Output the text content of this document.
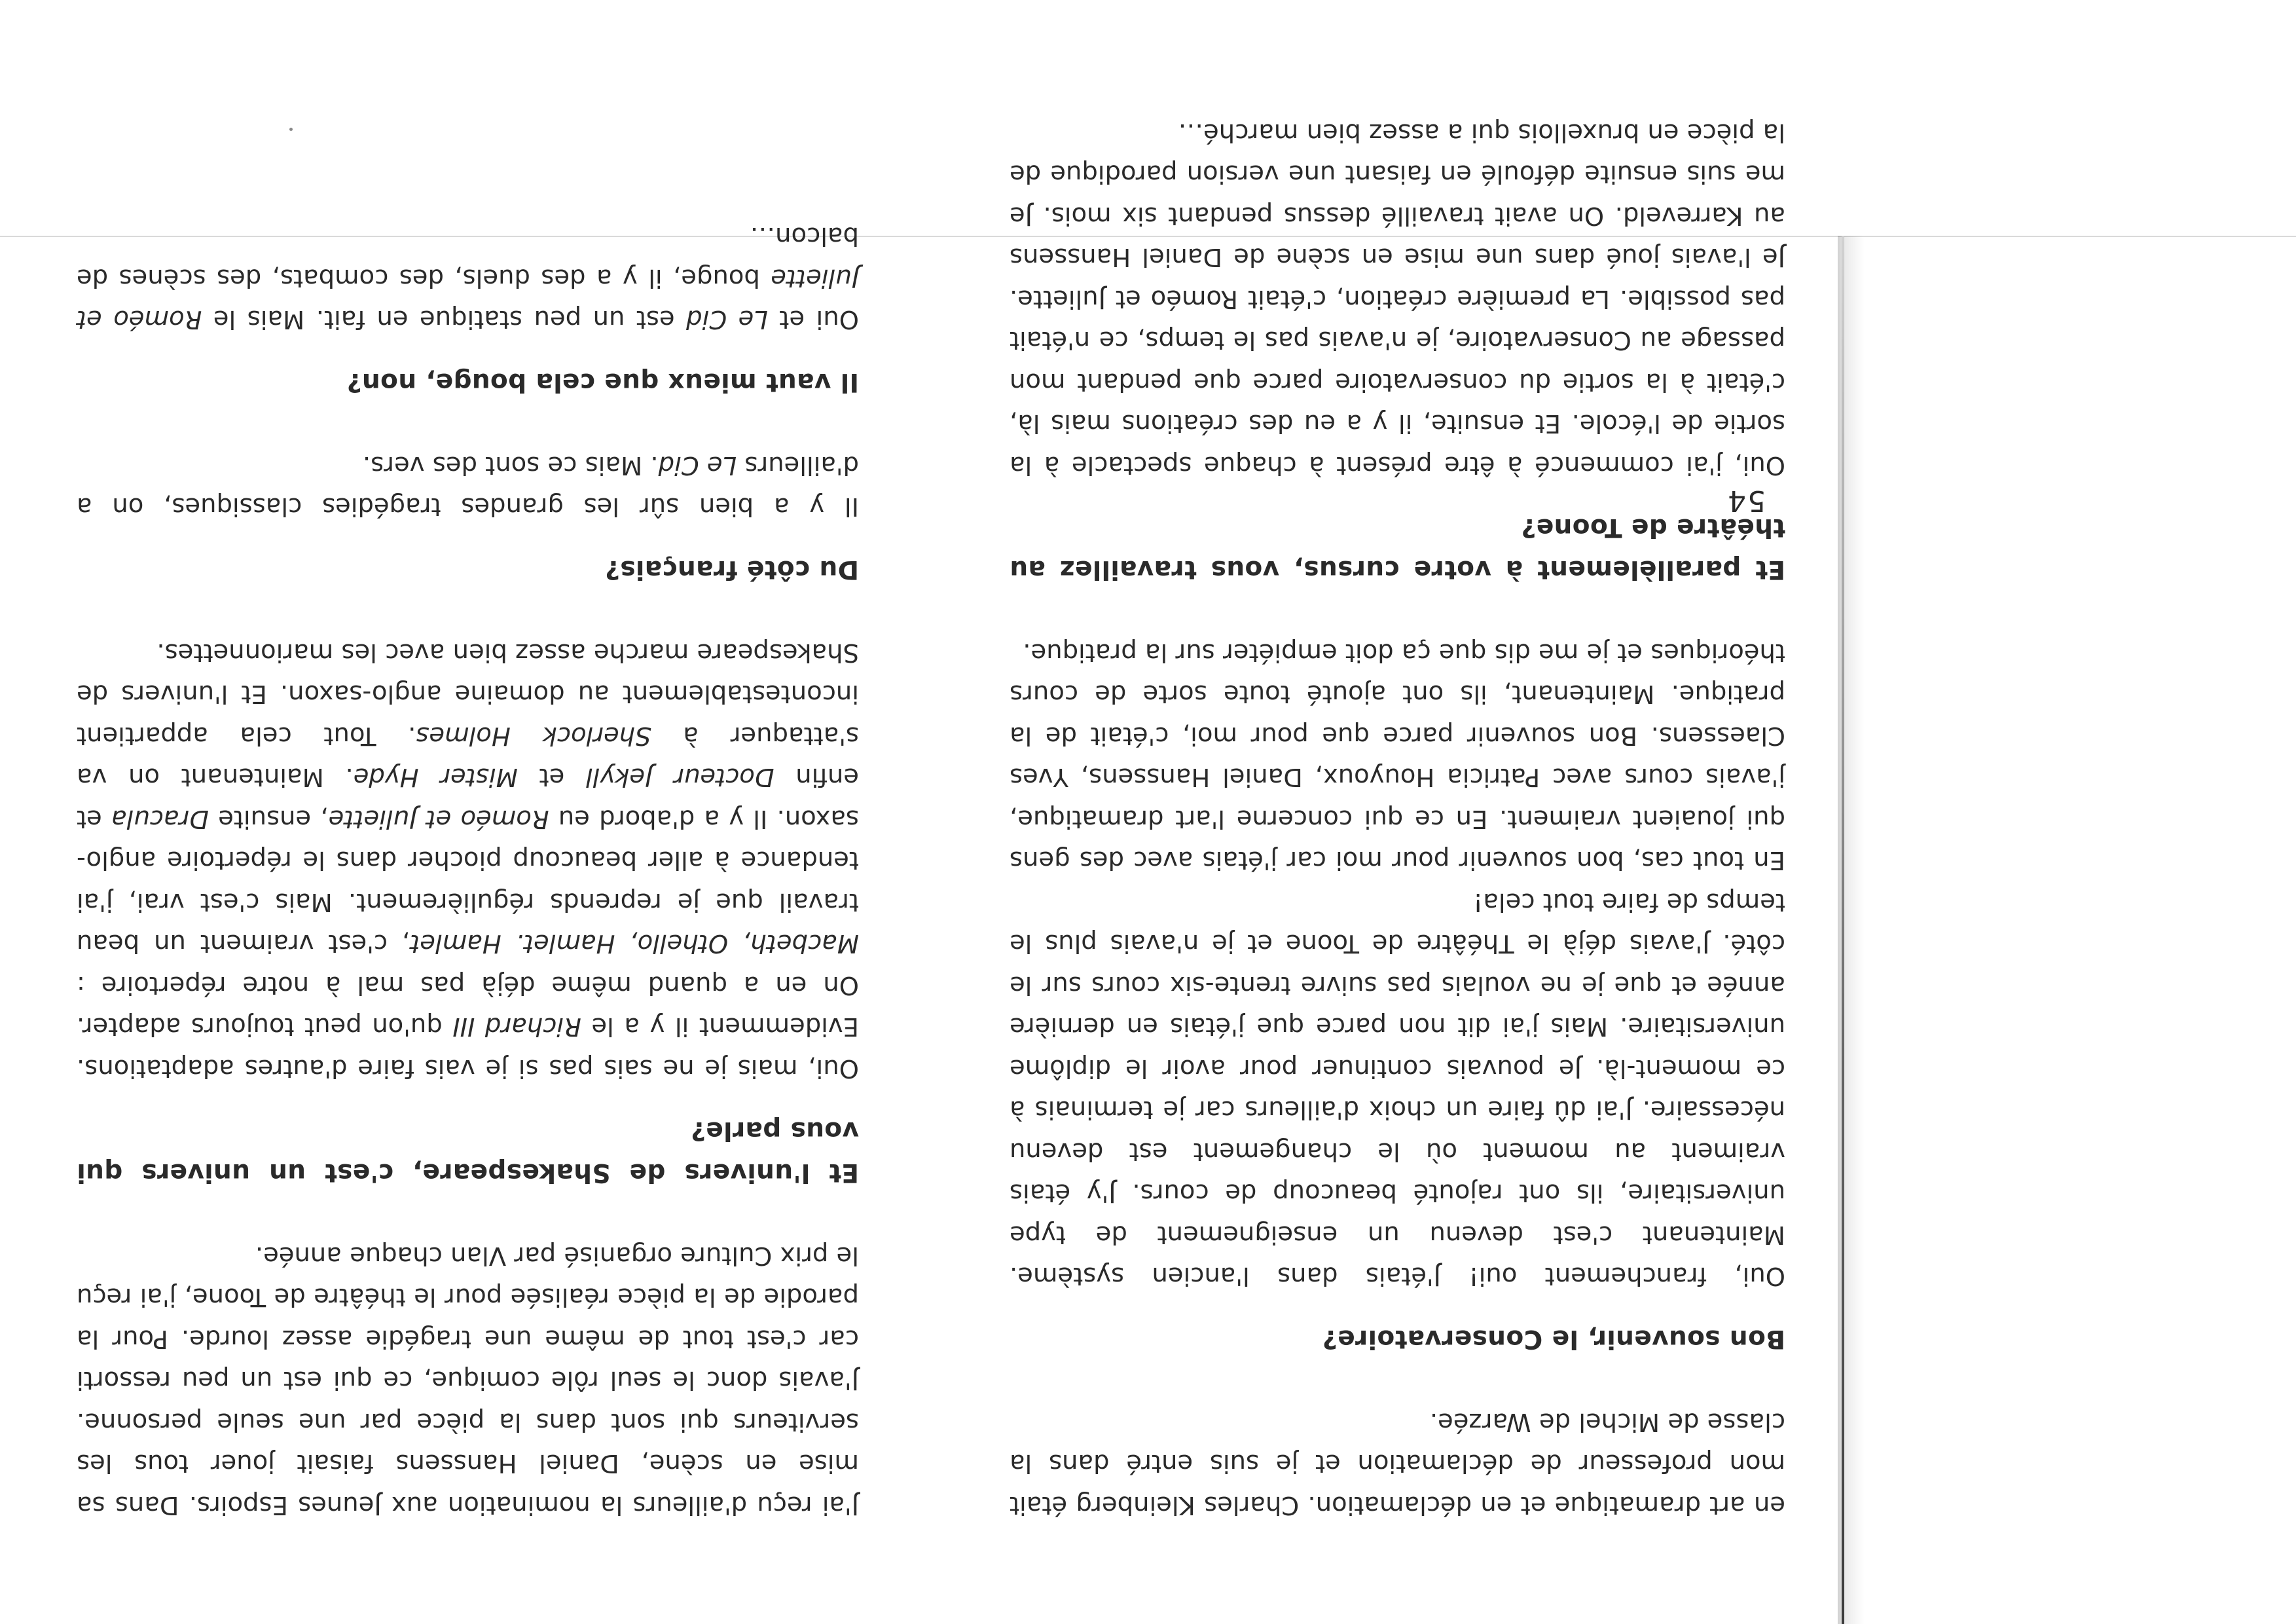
54

en art dramatique et en déclamation. Charles Kleinberg était mon professeur de déclamation et je suis entré dans la classe de Michel de Warzée.

Bon souvenir, le Conservatoire?

Oui, franchement oui! J'étais dans l'ancien système. Maintenant c'est devenu un enseignement de type universitaire, ils ont rajouté beaucoup de cours. J'y étais vraiment au moment où le changement est devenu nécessaire. J'ai dû faire un choix d'ailleurs car je terminais à ce moment-là. Je pouvais continuer pour avoir le diplôme universitaire. Mais j'ai dit non parce que j'étais en dernière année et que je ne voulais pas suivre trente-six cours sur le côté. J'avais déjà le Théâtre de Toone et je n'avais plus le temps de faire tout cela!

En tout cas, bon souvenir pour moi car j'étais avec des gens qui jouaient vraiment. En ce qui concerne l'art dramatique, j'avais cours avec Patricia Houyoux, Daniel Hanssens, Yves Claessens. Bon souvenir parce que pour moi, c'était de la pratique. Maintenant, ils ont ajouté toute sorte de cours théoriques et je me dis que ça doit empiéter sur la pratique.

Et parallèlement à votre cursus, vous travaillez au théâtre de Toone?

Oui, j'ai commencé à être présent à chaque spectacle à la sortie de l'école. Et ensuite, il y a eu des créations mais là, c'était à la sortie du conservatoire parce que pendant mon passage au Conservatoire, je n'avais pas le temps, ce n'était pas possible. La première création, c'était Roméo et Juliette. Je l'avais joué dans une mise en scène de Daniel Hanssens au Karreveld. On avait travaillé dessus pendant six mois. Je me suis ensuite défoulé en faisant une version parodique de la pièce en bruxellois qui a assez bien marché…

J'ai reçu d'ailleurs la nomination aux Jeunes Espoirs. Dans sa mise en scène, Daniel Hanssens faisait jouer tous les serviteurs qui sont dans la pièce par une seule personne. J'avais donc le seul rôle comique, ce qui est un peu ressorti car c'est tout de même une tragédie assez lourde. Pour la parodie de la pièce réalisée pour le théâtre de Toone, j'ai reçu le prix Culture organisé par Vlan chaque année.

Et l'univers de Shakespeare, c'est un univers qui vous parle?

Oui, mais je ne sais pas si je vais faire d'autres adaptations. Evidemment il y a le Richard III qu'on peut toujours adapter. On en a quand même déjà pas mal à notre répertoire : Macbeth, Othello, Hamlet. Hamlet, c'est vraiment un beau travail que je reprends régulièrement. Mais c'est vrai, j'ai tendance à aller beaucoup piocher dans le répertoire anglo-saxon. Il y a d'abord eu Roméo et Juliette, ensuite Dracula et enfin Docteur Jekyll et Mister Hyde. Maintenant on va s'attaquer à Sherlock Holmes. Tout cela appartient incontestablement au domaine anglo-saxon. Et l'univers de Shakespeare marche assez bien avec les marionnettes.

Du côté français?

Il y a bien sûr les grandes tragédies classiques, on a d'ailleurs Le Cid. Mais ce sont des vers.

Il vaut mieux que cela bouge, non?

Oui et Le Cid est un peu statique en fait. Mais le Roméo et Juliette bouge, il y a des duels, des combats, des scènes de balcon…
